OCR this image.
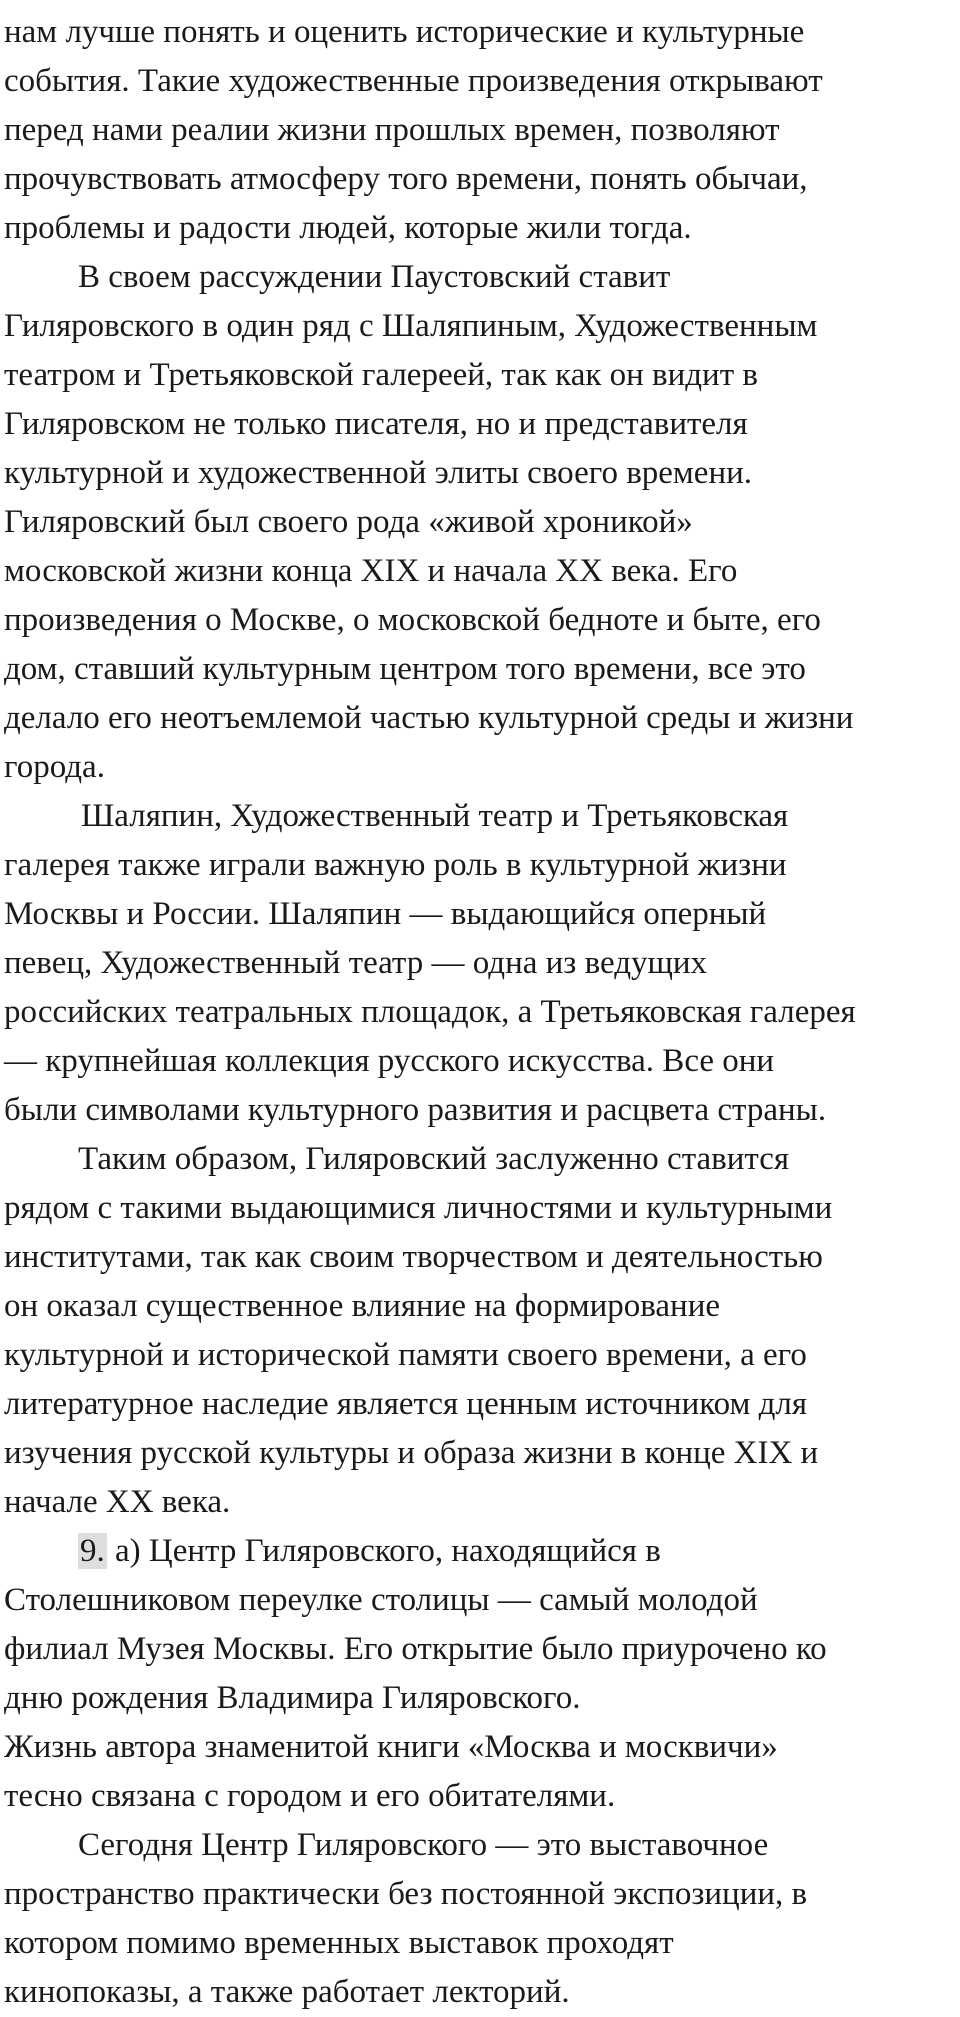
нам лучше понять и оценить исторические и культурные
события. Такие художественные произведения открывают
перед нами реалии жизни прошлых времен, позволяют
прочувствовать атмосферу того времени, понять обычаи,
проблемы и радости людей, которые жили тогда.
В своем рассуждении Паустовский ставит
Гиляровского в один ряд с Шаляпиным, Художественным
театром и Третьяковской галереей, так как он видит в
Гиляровском не только писателя, но и представителя
культурной и художественной элиты своего времени.
Гиляровский был своего рода «живой хроникой»
московской жизни конца XIX и начала XX века. Его
произведения о Москве, о московской бедноте и быте, его
дом, ставший культурным центром того времени, все это
делало его неотъемлемой частью культурной среды и жизни
города.
Шаляпин, Художественный театр и Третьяковская
галерея также играли важную роль в культурной жизни
Москвы и России. Шаляпин — выдающийся оперный
певец, Художественный театр — одна из ведущих
российских театральных площадок, а Третьяковская галерея
— крупнейшая коллекция русского искусства. Все они
были символами культурного развития и расцвета страны.
Таким образом, Гиляровский заслуженно ставится
рядом с такими выдающимися личностями и культурными
институтами, так как своим творчеством и деятельностью
он оказал существенное влияние на формирование
культурной и исторической памяти своего времени, а его
литературное наследие является ценным источником для
изучения русской культуры и образа жизни в конце XIX и
начале XX века.
9. а) Центр Гиляровского, находящийся в
Столешниковом переулке столицы — самый молодой
филиал Музея Москвы. Его открытие было приурочено ко
дню рождения Владимира Гиляровского.
Жизнь автора знаменитой книги «Москва и москвичи»
тесно связана с городом и его обитателями.
Сегодня Центр Гиляровского — это выставочное
пространство практически без постоянной экспозиции, в
котором помимо временных выставок проходят
кинопоказы, а также работает лекторий.
